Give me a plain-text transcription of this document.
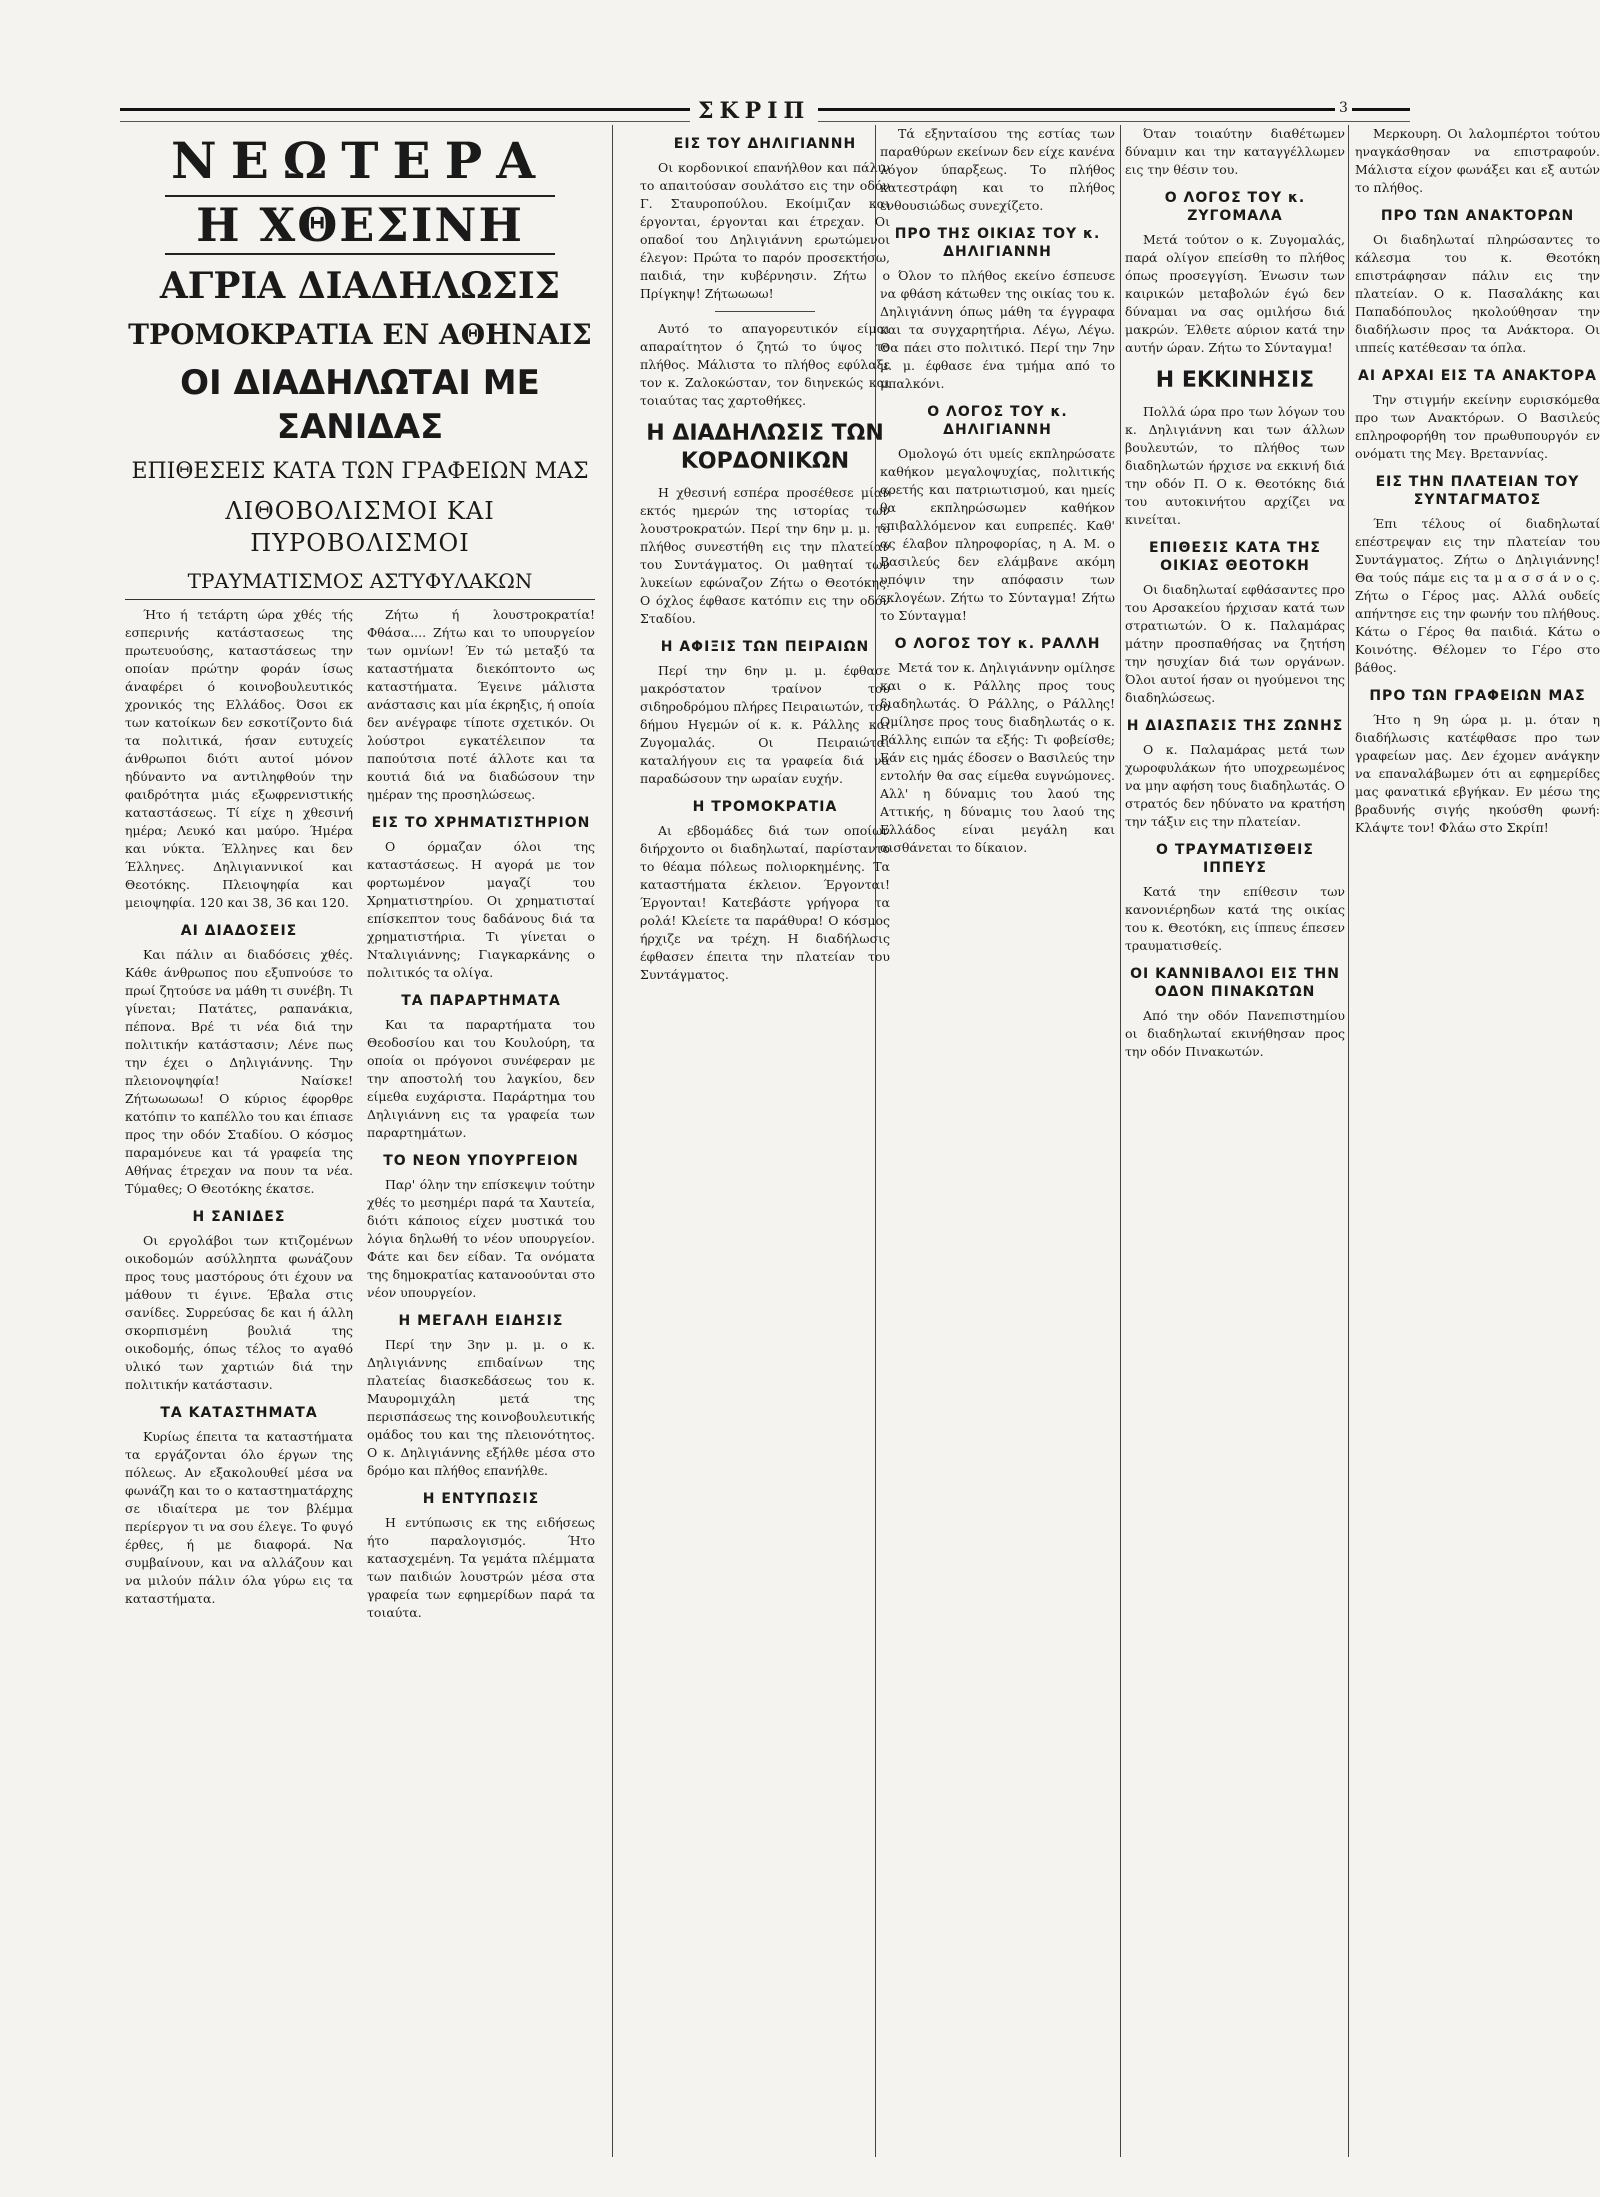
ΣΚΡΙΠ	3
ΝΕΩΤΕΡΑ
Η ΧΘΕΣΙΝΗ
ΑΓΡΙΑ ΔΙΑΔΗΛΩΣΙΣ
ΤΡΟΜΟΚΡΑΤΙΑ ΕΝ ΑΘΗΝΑΙΣ
ΟΙ ΔΙΑΔΗΛΩΤΑΙ ΜΕ ΣΑΝΙΔΑΣ
ΕΠΙΘΕΣΕΙΣ ΚΑΤΑ ΤΩΝ ΓΡΑΦΕΙΩΝ ΜΑΣ
ΛΙΘΟΒΟΛΙΣΜΟΙ ΚΑΙ ΠΥΡΟΒΟΛΙΣΜΟΙ
ΤΡΑΥΜΑΤΙΣΜΟΣ ΑΣΤΥΦΥΛΑΚΩΝ

Ήτο ή τετάρτη ώρα χθές τής εσπερινής κατάστασεως της πρωτευούσης, καταστάσεως την οποίαν πρώτην φοράν ίσως άναφέρει ό κοινοβουλευτικός χρονικός της Ελλάδος. Όσοι εκ των κατοίκων δεν εσκοτίζοντο διά τα πολιτικά, ήσαν ευτυχείς άνθρωποι διότι αυτοί μόνον ηδύναντο να αντιληφθούν την φαιδρότητα μιάς εξωφρενιστικής καταστάσεως. Τί είχε η χθεσινή ημέρα; Λευκό και μαύρο. Ήμέρα και νύκτα. Έλληνες και δεν Έλληνες. Δηλιγιαννικοί και Θεοτόκης. Πλειοψηφία και μειοψηφία. 120 και 38, 36 και 120.

ΑΙ ΔΙΑΔΟΣΕΙΣ

Και πάλιν αι διαδόσεις χθές. Κάθε άνθρωπος που εξυπνούσε το πρωί ζητούσε να μάθη τι συνέβη. Τι γίνεται; Πατάτες, ραπανάκια, πέπονα. Βρέ τι νέα διά την πολιτικήν κατάστασιν; Λένε πως την έχει ο Δηλιγιάννης. Την πλειονοψηφία! Ναίσκε! Ζήτωωωωω! Ο κύριος έφορθρε κατόπιν το καπέλλο του και έπιασε προς την οδόν Σταδίου. Ο κόσμος παραμόνευε και τά γραφεία της Αθήνας έτρεχαν να πουν τα νέα. Τύμαθες; Ο Θεοτόκης έκατσε.

Η ΣΑΝΙΔΕΣ

Οι εργολάβοι των κτιζομένων οικοδομών ασύλληπτα φωνάζουν προς τους μαστόρους ότι έχουν να μάθουν τι έγινε. Έβαλα στις σανίδες. Συρρεύσας δε και ή άλλη σκορπισμένη βουλιά της οικοδομής, όπως τέλος το αγαθό υλικό των χαρτιών διά την πολιτικήν κατάστασιν.

ΤΑ ΚΑΤΑΣΤΗΜΑΤΑ

Κυρίως έπειτα τα καταστήματα τα εργάζονται όλο έργων της πόλεως. Αν εξακολουθεί μέσα να φωνάζη και το ο καταστηματάρχης σε ιδιαίτερα με τον βλέμμα περίεργον τι να σου έλεγε. Το φυγό έρθες, ή με διαφορά. Να συμβαίνουν, και να αλλάζουν και να μιλούν πάλιν όλα γύρω εις τα καταστήματα.

Ζήτω ή λουστροκρατία! Φθάσα.... Ζήτω και το υπουργείον των ομνίων! Έν τώ μεταξύ τα καταστήματα διεκόπτοντο ως καταστήματα. Έγεινε μάλιστα ανάστασις και μία έκρηξις, ή οποία δεν ανέγραφε τίποτε σχετικόν. Οι λούστροι εγκατέλειπον τα παπούτσια ποτέ άλλοτε και τα κουτιά διά να διαδώσουν την ημέραν της προσηλώσεως.

ΕΙΣ ΤΟ ΧΡΗΜΑΤΙΣΤΗΡΙΟΝ

Ο όρμαζαν όλοι της καταστάσεως. Η αγορά με τον φορτωμένον μαγαζί του Χρηματιστηρίου. Οι χρηματισταί επίσκεπτον τους δαδάνους διά τα χρηματιστήρια. Τι γίνεται ο Νταλιγιάννης; Γιαγκαρκάνης ο πολιτικός τα ολίγα.

ΤΑ ΠΑΡΑΡΤΗΜΑΤΑ

Και τα παραρτήματα του Θεοδοσίου και του Κουλούρη, τα οποία οι πρόγονοι συνέφεραν με την αποστολή του λαγκίου, δεν είμεθα ευχάριστα. Παράρτημα του Δηλιγιάννη εις τα γραφεία των παραρτημάτων.

ΤΟ ΝΕΟΝ ΥΠΟΥΡΓΕΙΟΝ

Παρ' όλην την επίσκεψιν τούτην χθές το μεσημέρι παρά τα Χαυτεία, διότι κάποιος είχεν μυστικά του λόγια δηλωθή το νέον υπουργείον. Φάτε και δεν είδαν. Τα ονόματα της δημοκρατίας κατανοούνται στο νέον υπουργείον.

Η ΜΕΓΑΛΗ ΕΙΔΗΣΙΣ

Περί την 3ην μ. μ. ο κ. Δηλιγιάννης επιδαίνων της πλατείας διασκεδάσεως του κ. Μαυρομιχάλη μετά της περισπάσεως της κοινοβουλευτικής ομάδος του και της πλειονότητος. Ο κ. Δηλιγιάννης εξήλθε μέσα στο δρόμο και πλήθος επανήλθε.

Η ΕΝΤΥΠΩΣΙΣ

Η εντύπωσις εκ της ειδήσεως ήτο παραλογισμός. Ήτο κατασχεμένη. Τα γεμάτα πλέμματα των παιδιών λουστρών μέσα στα γραφεία των εφημερίδων παρά τα τοιαύτα.

ΕΙΣ ΤΟΥ ΔΗΛΙΓΙΑΝΝΗ

Οι κορδονικοί επανήλθον και πάλιν το απαιτούσαν σουλάτσο εις την οδόν Γ. Σταυροπούλου. Εκοίμιζαν και έργονται, έργονται και έτρεχαν. Οι οπαδοί του Δηλιγιάννη ερωτώμενοι έλεγον: Πρώτα το παρόν προσεκτήσω, παιδιά, την κυβέρνησιν. Ζήτω ο Πρίγκηψ! Ζήτωωωω!

Αυτό το απαγορευτικόν είμαι απαραίτητον ό ζητώ το ύψος το πλήθος. Μάλιστα το πλήθος εφύλαξε τον κ. Ζαλοκώσταν, τον διηνεκώς και τοιαύτας τας χαρτοθήκες.

Η ΔΙΑΔΗΛΩΣΙΣ ΤΩΝ ΚΟΡΔΟΝΙΚΩΝ

Η χθεσινή εσπέρα προσέθεσε μίαν εκτός ημερών της ιστορίας των λουστροκρατών. Περί την 6ην μ. μ. το πλήθος συνεστήθη εις την πλατείαν του Συντάγματος. Οι μαθηταί των λυκείων εφώναζον Ζήτω ο Θεοτόκης. Ο όχλος έφθασε κατόπιν εις την οδόν Σταδίου.

Η ΑΦΙΞΙΣ ΤΩΝ ΠΕΙΡΑΙΩΝ

Περί την 6ην μ. μ. έφθασε μακρόστατον τραίνον του σιδηροδρόμου πλήρες Πειραιωτών, του δήμου Ηγεμών οί κ. κ. Ράλλης και Ζυγομαλάς. Οι Πειραιώται καταλήγουν εις τα γραφεία διά να παραδώσουν την ωραίαν ευχήν.

Η ΤΡΟΜΟΚΡΑΤΙΑ

Αι εβδομάδες διά των οποίων διήρχοντο οι διαδηλωταί, παρίσταντο το θέαμα πόλεως πολιορκημένης. Τα καταστήματα έκλειον. Έργονται! Έργονται! Κατεβάστε γρήγορα τα ρολά! Κλείετε τα παράθυρα! Ο κόσμος ήρχιζε να τρέχη. Η διαδήλωσις έφθασεν έπειτα την πλατείαν του Συντάγματος.

Τά εξηνταίσου της εστίας των παραθύρων εκείνων δεν είχε κανένα λόγον ύπαρξεως. Το πλήθος κατεστράφη και το πλήθος ενθουσιώδως συνεχίζετο.

ΠΡΟ ΤΗΣ ΟΙΚΙΑΣ ΤΟΥ κ. ΔΗΛΙΓΙΑΝΝΗ

Όλον το πλήθος εκείνο έσπευσε να φθάση κάτωθεν της οικίας του κ. Δηλιγιάννη όπως μάθη τα έγγραφα και τα συγχαρητήρια. Λέγω, Λέγω. Θα πάει στο πολιτικό. Περί την 7ην μ. μ. έφθασε ένα τμήμα από το μπαλκόνι.

Ο ΛΟΓΟΣ ΤΟΥ κ. ΔΗΛΙΓΙΑΝΝΗ

Ομολογώ ότι υμείς εκπληρώσατε καθήκον μεγαλοψυχίας, πολιτικής αρετής και πατριωτισμού, και ημείς θα εκπληρώσωμεν καθήκον επιβαλλόμενον και ευπρεπές. Καθ' ας έλαβον πληροφορίας, η Α. Μ. ο Βασιλεύς δεν ελάμβανε ακόμη υπόψιν την απόφασιν των εκλογέων. Ζήτω το Σύνταγμα! Ζήτω το Σύνταγμα!

Ο ΛΟΓΟΣ ΤΟΥ κ. ΡΑΛΛΗ

Μετά τον κ. Δηλιγιάννην ομίλησε και ο κ. Ράλλης προς τους διαδηλωτάς. Ό Ράλλης, ο Ράλλης! Ομίλησε προς τους διαδηλωτάς ο κ. Ράλλης ειπών τα εξής: Τι φοβείσθε; Εάν εις ημάς έδοσεν ο Βασιλεύς την εντολήν θα σας είμεθα ευγνώμονες. Αλλ' η δύναμις του λαού της Αττικής, η δύναμις του λαού της Ελλάδος είναι μεγάλη και αισθάνεται το δίκαιον.

Όταν τοιαύτην διαθέτωμεν δύναμιν και την καταγγέλλωμεν εις την θέσιν του.

Ο ΛΟΓΟΣ ΤΟΥ κ. ΖΥΓΟΜΑΛΑ

Μετά τούτον ο κ. Ζυγομαλάς, παρά ολίγον επείσθη το πλήθος όπως προσεγγίση. Ένωσιν των καιρικών μεταβολών έγώ δεν δύναμαι να σας ομιλήσω διά μακρών. Έλθετε αύριον κατά την αυτήν ώραν. Ζήτω το Σύνταγμα!

Η ΕΚΚΙΝΗΣΙΣ

Πολλά ώρα προ των λόγων του κ. Δηλιγιάννη και των άλλων βουλευτών, το πλήθος των διαδηλωτών ήρχισε να εκκινή διά την οδόν Π. Ο κ. Θεοτόκης διά του αυτοκινήτου αρχίζει να κινείται.

ΕΠΙΘΕΣΙΣ ΚΑΤΑ ΤΗΣ ΟΙΚΙΑΣ ΘΕΟΤΟΚΗ

Οι διαδηλωταί εφθάσαντες προ του Αρσακείου ήρχισαν κατά των στρατιωτών. Ό κ. Παλαμάρας μάτην προσπαθήσας να ζητήση την ησυχίαν διά των οργάνων. Όλοι αυτοί ήσαν οι ηγούμενοι της διαδηλώσεως.

Η ΔΙΑΣΠΑΣΙΣ ΤΗΣ ΖΩΝΗΣ

Ο κ. Παλαμάρας μετά των χωροφυλάκων ήτο υποχρεωμένος να μην αφήση τους διαδηλωτάς. Ο στρατός δεν ηδύνατο να κρατήση την τάξιν εις την πλατείαν.

Ο ΤΡΑΥΜΑΤΙΣΘΕΙΣ ΙΠΠΕΥΣ

Κατά την επίθεσιν των κανονιέρηδων κατά της οικίας του κ. Θεοτόκη, εις ίππευς έπεσεν τραυματισθείς.

ΟΙ ΚΑΝΝΙΒΑΛΟΙ ΕΙΣ ΤΗΝ ΟΔΟΝ ΠΙΝΑΚΩΤΩΝ

Από την οδόν Πανεπιστημίου οι διαδηλωταί εκινήθησαν προς την οδόν Πινακωτών.

Μερκουρη. Οι λαλομπέρτοι τούτου ηναγκάσθησαν να επιστραφούν. Μάλιστα είχον φωνάξει και εξ αυτών το πλήθος.

ΠΡΟ ΤΩΝ ΑΝΑΚΤΟΡΩΝ

Οι διαδηλωταί πληρώσαντες το κάλεσμα του κ. Θεοτόκη επιστράφησαν πάλιν εις την πλατείαν. Ο κ. Πασαλάκης και Παπαδόπουλος ηκολούθησαν την διαδήλωσιν προς τα Ανάκτορα. Οι ιππείς κατέθεσαν τα όπλα.

ΑΙ ΑΡΧΑΙ ΕΙΣ ΤΑ ΑΝΑΚΤΟΡΑ

Την στιγμήν εκείνην ευρισκόμεθα προ των Ανακτόρων. Ο Βασιλεύς επληροφορήθη τον πρωθυπουργόν εν ονόματι της Μεγ. Βρεταννίας.

ΕΙΣ ΤΗΝ ΠΛΑΤΕΙΑΝ ΤΟΥ ΣΥΝΤΑΓΜΑΤΟΣ

Έπι τέλους οί διαδηλωταί επέστρεψαν εις την πλατείαν του Συντάγματος. Ζήτω ο Δηλιγιάννης! Θα τούς πάμε εις τα μ α σ σ ά ν ο ς. Ζήτω ο Γέρος μας. Αλλά ουδείς απήντησε εις την φωνήν του πλήθους. Κάτω ο Γέρος θα παιδιά. Κάτω ο Κοινότης. Θέλομεν το Γέρο στο βάθος.

ΠΡΟ ΤΩΝ ΓΡΑΦΕΙΩΝ ΜΑΣ

Ήτο η 9η ώρα μ. μ. όταν η διαδήλωσις κατέφθασε προ των γραφείων μας. Δεν έχομεν ανάγκην να επαναλάβωμεν ότι αι εφημερίδες μας φανατικά εβγήκαν. Εν μέσω της βραδυνής σιγής ηκούσθη φωνή: Κλάψτε τον! Φλάω στο Σκρίπ!
